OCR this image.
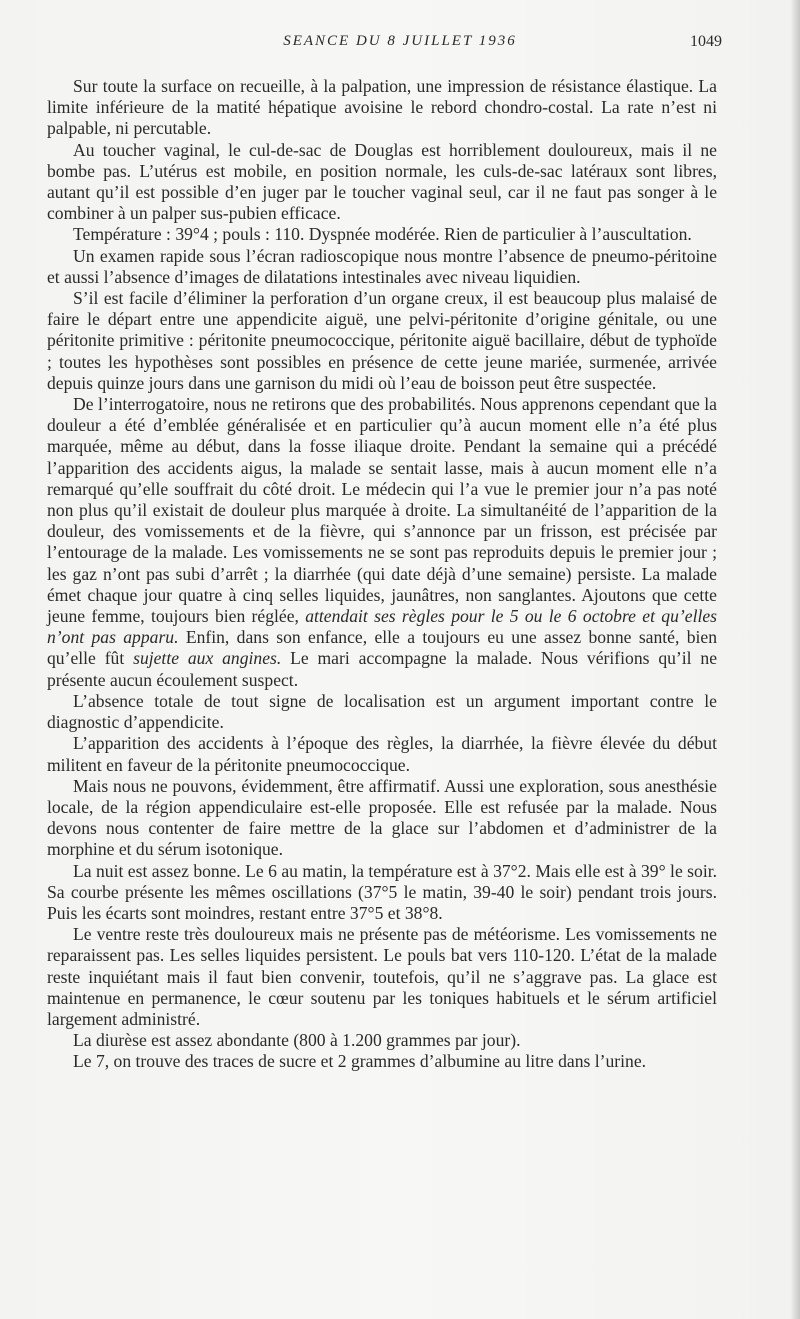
SEANCE DU 8 JUILLET 1936	1049

Sur toute la surface on recueille, à la palpation, une impression de résistance élastique. La limite inférieure de la matité hépatique avoisine le rebord chondro-costal. La rate n’est ni palpable, ni percutable.

Au toucher vaginal, le cul-de-sac de Douglas est horriblement douloureux, mais il ne bombe pas. L’utérus est mobile, en position normale, les culs-de-sac latéraux sont libres, autant qu’il est possible d’en juger par le toucher vaginal seul, car il ne faut pas songer à le combiner à un palper sus-pubien efficace.

Température : 39°4 ; pouls : 110. Dyspnée modérée. Rien de particulier à l’auscultation.

Un examen rapide sous l’écran radioscopique nous montre l’absence de pneumo-péritoine et aussi l’absence d’images de dilatations intestinales avec niveau liquidien.

S’il est facile d’éliminer la perforation d’un organe creux, il est beaucoup plus malaisé de faire le départ entre une appendicite aiguë, une pelvi-péritonite d’origine génitale, ou une péritonite primitive : péritonite pneumococcique, péritonite aiguë bacillaire, début de typhoïde ; toutes les hypothèses sont possibles en présence de cette jeune mariée, surmenée, arrivée depuis quinze jours dans une garnison du midi où l’eau de boisson peut être suspectée.

De l’interrogatoire, nous ne retirons que des probabilités. Nous apprenons cependant que la douleur a été d’emblée généralisée et en particulier qu’à aucun moment elle n’a été plus marquée, même au début, dans la fosse iliaque droite. Pendant la semaine qui a précédé l’apparition des accidents aigus, la malade se sentait lasse, mais à aucun moment elle n’a remarqué qu’elle souffrait du côté droit. Le médecin qui l’a vue le premier jour n’a pas noté non plus qu’il existait de douleur plus marquée à droite. La simultanéité de l’apparition de la douleur, des vomissements et de la fièvre, qui s’annonce par un frisson, est précisée par l’entourage de la malade. Les vomissements ne se sont pas reproduits depuis le premier jour ; les gaz n’ont pas subi d’arrêt ; la diarrhée (qui date déjà d’une semaine) persiste. La malade émet chaque jour quatre à cinq selles liquides, jaunâtres, non sanglantes. Ajoutons que cette jeune femme, toujours bien réglée, attendait ses règles pour le 5 ou le 6 octobre et qu’elles n’ont pas apparu. Enfin, dans son enfance, elle a toujours eu une assez bonne santé, bien qu’elle fût sujette aux angines. Le mari accompagne la malade. Nous vérifions qu’il ne présente aucun écoulement suspect.

L’absence totale de tout signe de localisation est un argument important contre le diagnostic d’appendicite.

L’apparition des accidents à l’époque des règles, la diarrhée, la fièvre élevée du début militent en faveur de la péritonite pneumococcique.

Mais nous ne pouvons, évidemment, être affirmatif. Aussi une exploration, sous anesthésie locale, de la région appendiculaire est-elle proposée. Elle est refusée par la malade. Nous devons nous contenter de faire mettre de la glace sur l’abdomen et d’administrer de la morphine et du sérum isotonique.

La nuit est assez bonne. Le 6 au matin, la température est à 37°2. Mais elle est à 39° le soir. Sa courbe présente les mêmes oscillations (37°5 le matin, 39-40 le soir) pendant trois jours. Puis les écarts sont moindres, restant entre 37°5 et 38°8.

Le ventre reste très douloureux mais ne présente pas de météorisme. Les vomissements ne reparaissent pas. Les selles liquides persistent. Le pouls bat vers 110-120. L’état de la malade reste inquiétant mais il faut bien convenir, toutefois, qu’il ne s’aggrave pas. La glace est maintenue en permanence, le cœur soutenu par les toniques habituels et le sérum artificiel largement administré.

La diurèse est assez abondante (800 à 1.200 grammes par jour).

Le 7, on trouve des traces de sucre et 2 grammes d’albumine au litre dans l’urine.
